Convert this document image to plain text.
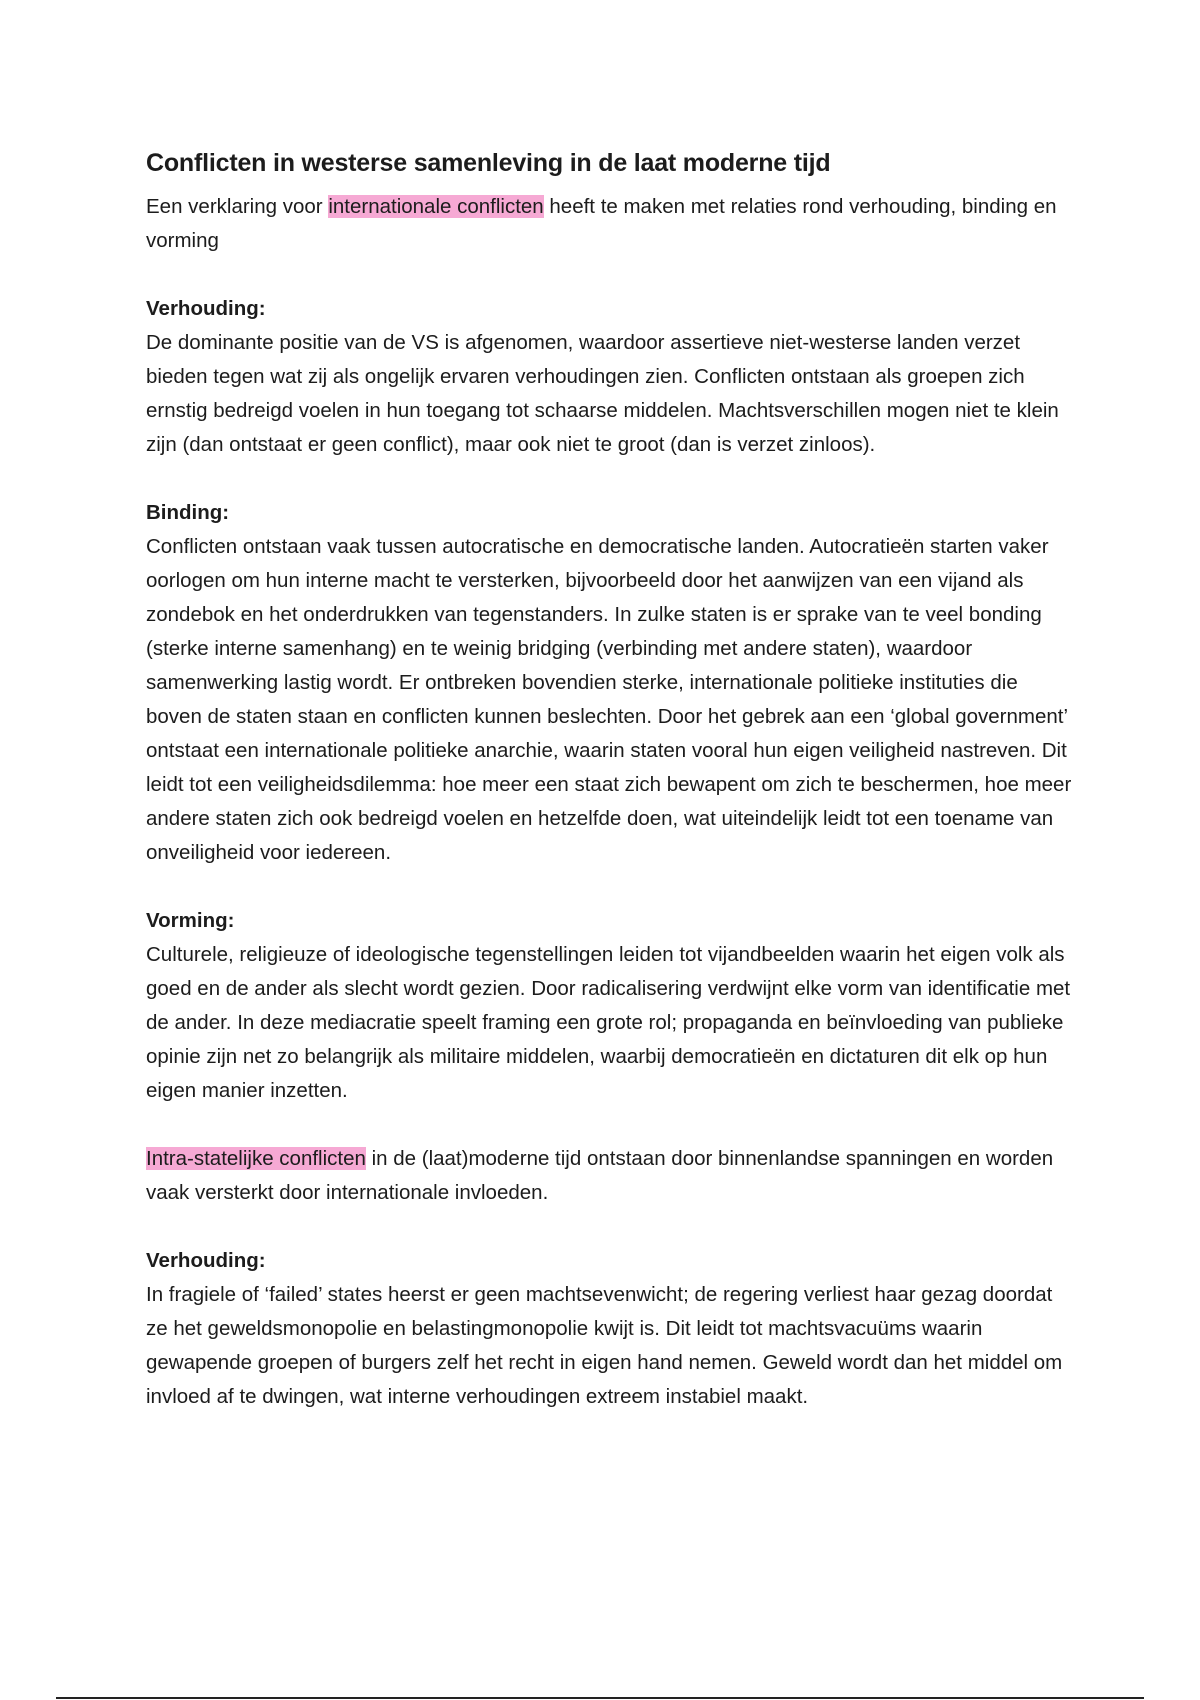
Conflicten in westerse samenleving in de laat moderne tijd

Een verklaring voor internationale conflicten heeft te maken met relaties rond verhouding, binding en vorming

Verhouding:

De dominante positie van de VS is afgenomen, waardoor assertieve niet-westerse landen verzet bieden tegen wat zij als ongelijk ervaren verhoudingen zien. Conflicten ontstaan als groepen zich ernstig bedreigd voelen in hun toegang tot schaarse middelen. Machtsverschillen mogen niet te klein zijn (dan ontstaat er geen conflict), maar ook niet te groot (dan is verzet zinloos).

Binding:

Conflicten ontstaan vaak tussen autocratische en democratische landen. Autocratieën starten vaker oorlogen om hun interne macht te versterken, bijvoorbeeld door het aanwijzen van een vijand als zondebok en het onderdrukken van tegenstanders. In zulke staten is er sprake van te veel bonding (sterke interne samenhang) en te weinig bridging (verbinding met andere staten), waardoor samenwerking lastig wordt. Er ontbreken bovendien sterke, internationale politieke instituties die boven de staten staan en conflicten kunnen beslechten. Door het gebrek aan een ‘global government’ ontstaat een internationale politieke anarchie, waarin staten vooral hun eigen veiligheid nastreven. Dit leidt tot een veiligheidsdilemma: hoe meer een staat zich bewapent om zich te beschermen, hoe meer andere staten zich ook bedreigd voelen en hetzelfde doen, wat uiteindelijk leidt tot een toename van onveiligheid voor iedereen.

Vorming:

Culturele, religieuze of ideologische tegenstellingen leiden tot vijandbeelden waarin het eigen volk als goed en de ander als slecht wordt gezien. Door radicalisering verdwijnt elke vorm van identificatie met de ander. In deze mediacratie speelt framing een grote rol; propaganda en beïnvloeding van publieke opinie zijn net zo belangrijk als militaire middelen, waarbij democratieën en dictaturen dit elk op hun eigen manier inzetten.

Intra-statelijke conflicten in de (laat)moderne tijd ontstaan door binnenlandse spanningen en worden vaak versterkt door internationale invloeden.

Verhouding:

In fragiele of ‘failed’ states heerst er geen machtsevenwicht; de regering verliest haar gezag doordat ze het geweldsmonopolie en belastingmonopolie kwijt is. Dit leidt tot machtsvacuüms waarin gewapende groepen of burgers zelf het recht in eigen hand nemen. Geweld wordt dan het middel om invloed af te dwingen, wat interne verhoudingen extreem instabiel maakt.
